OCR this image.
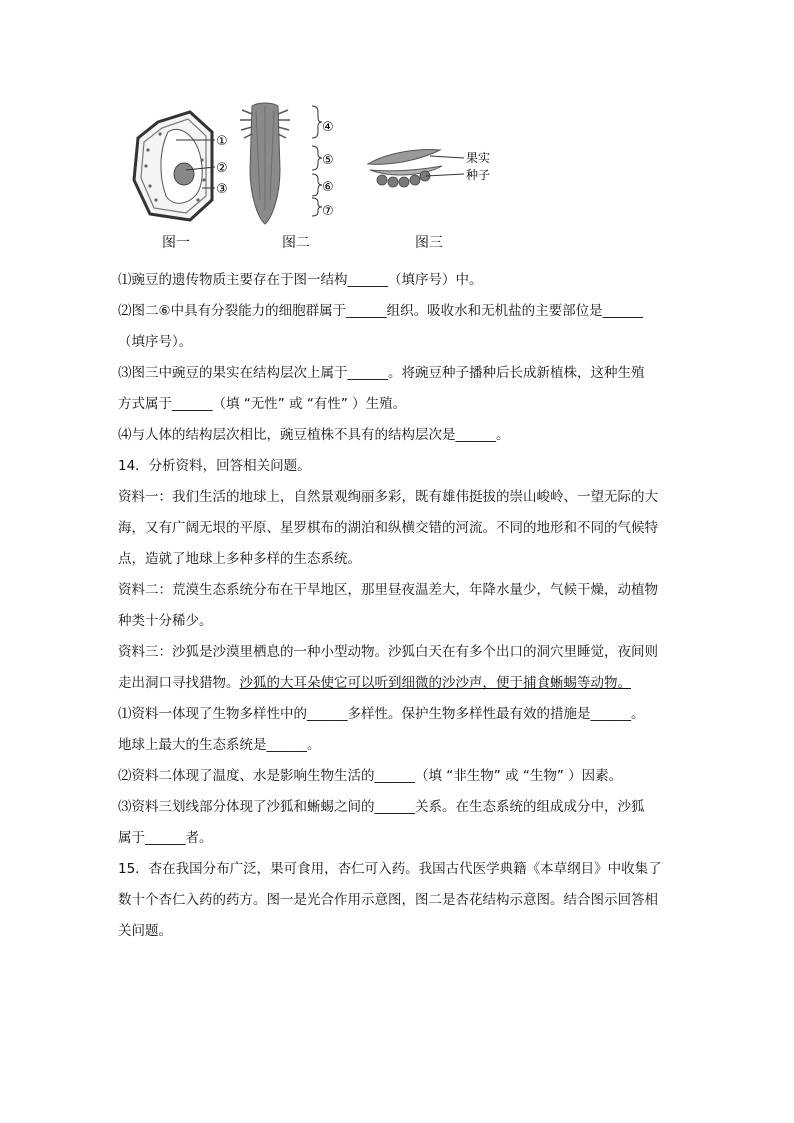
①
②
③
④
⑤
⑥
⑦
果实
种子
图一	图二	图三
⑴豌豆的遗传物质主要存在于图一结构______（填序号）中。
⑵图二⑥中具有分裂能力的细胞群属于______组织。吸收水和无机盐的主要部位是______
（填序号）。
⑶图三中豌豆的果实在结构层次上属于______。将豌豆种子播种后长成新植株，这种生殖
方式属于______（填 “无性” 或 “有性” ）生殖。
⑷与人体的结构层次相比，豌豆植株不具有的结构层次是______。
14．分析资料，回答相关问题。
资料一：我们生活的地球上，自然景观绚丽多彩，既有雄伟挺拔的崇山峻岭、一望无际的大
海，又有广阔无垠的平原、星罗棋布的湖泊和纵横交错的河流。不同的地形和不同的气候特
点，造就了地球上多种多样的生态系统。
资料二：荒漠生态系统分布在干旱地区，那里昼夜温差大，年降水量少，气候干燥，动植物
种类十分稀少。
资料三：沙狐是沙漠里栖息的一种小型动物。沙狐白天在有多个出口的洞穴里睡觉，夜间则
走出洞口寻找猎物。沙狐的大耳朵使它可以听到细微的沙沙声，便于捕食蜥蜴等动物。
⑴资料一体现了生物多样性中的______多样性。保护生物多样性最有效的措施是______。
地球上最大的生态系统是______。
⑵资料二体现了温度、水是影响生物生活的______（填 “非生物” 或 “生物” ）因素。
⑶资料三划线部分体现了沙狐和蜥蜴之间的______关系。在生态系统的组成成分中，沙狐
属于______者。
15．杏在我国分布广泛，果可食用，杏仁可入药。我国古代医学典籍《本草纲目》中收集了
数十个杏仁入药的药方。图一是光合作用示意图，图二是杏花结构示意图。结合图示回答相
关问题。
